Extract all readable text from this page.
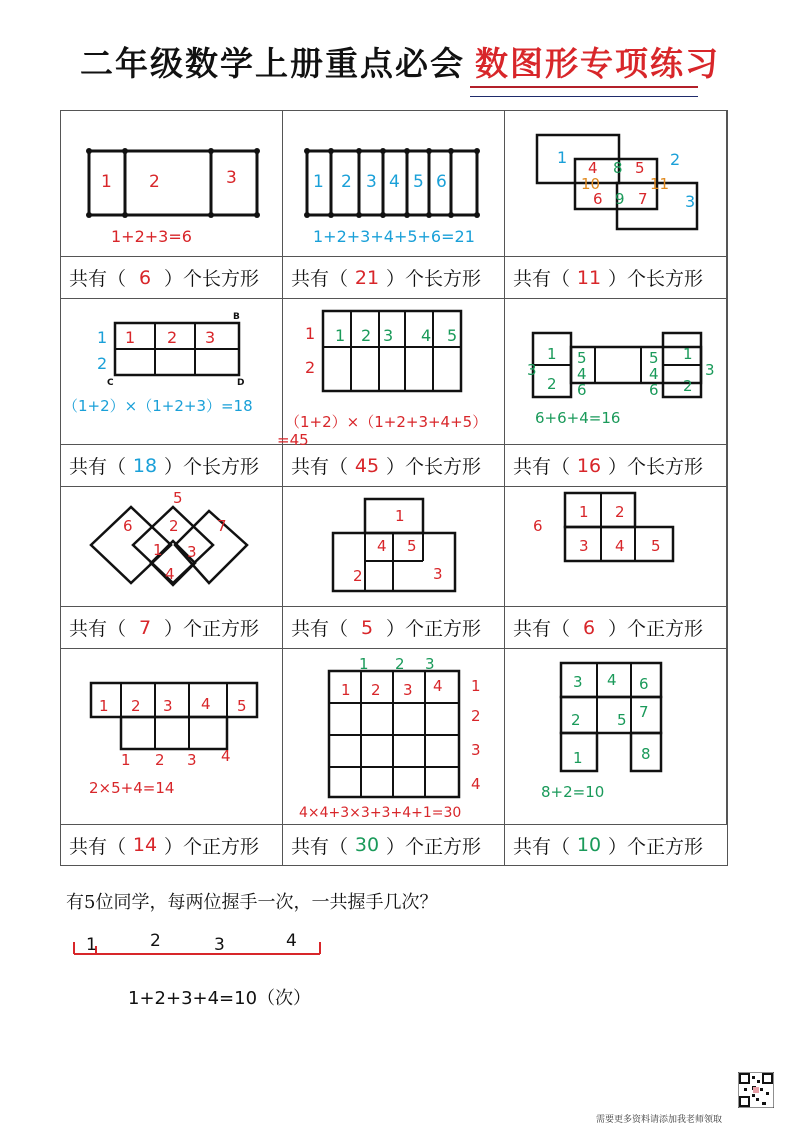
二年级数学上册重点必会 数图形专项练习
1 2	3
1+2+3=6
1 2 3 4 5 6
1+2+3+4+5+6=21
1	2
4 8 5
10	11
6 9 7 3
共有（ 6 ）个长方形 共有（ 21 ）个长方形 共有（ 11 ）个长方形
B
C	D
1
2
1 2 3
（1+2）×（1+2+3）=18
1
2
1 2 3 4 5
（1+2）×（1+2+3+4+5）
=45
1
2
3
5
4
6
5
4
6
1
2
3
6+6+4=16
共有（ 18 ）个长方形 共有（ 45 ）个长方形 共有（ 16 ）个长方形
5
6 2	7
1 3
4
1
4 5
2	3
6
1 2
3 4 5
共有（ 7 ）个正方形 共有（ 5 ）个正方形 共有（ 6 ）个正方形
1 2 3 4 5
1 2 3 4
2×5+4=14
1 2 3
1 2 3 4 1
2
3
4
4×4+3×3+3+4+1=30
3 4 6
2 5 7
1	8
8+2=10
共有（ 14 ）个正方形 共有（ 30 ）个正方形 共有（ 10 ）个正方形
有5位同学，每两位握手一次，一共握手几次？
1	2	3	4
1+2+3+4=10（次）
需要更多资料请添加我老师领取
